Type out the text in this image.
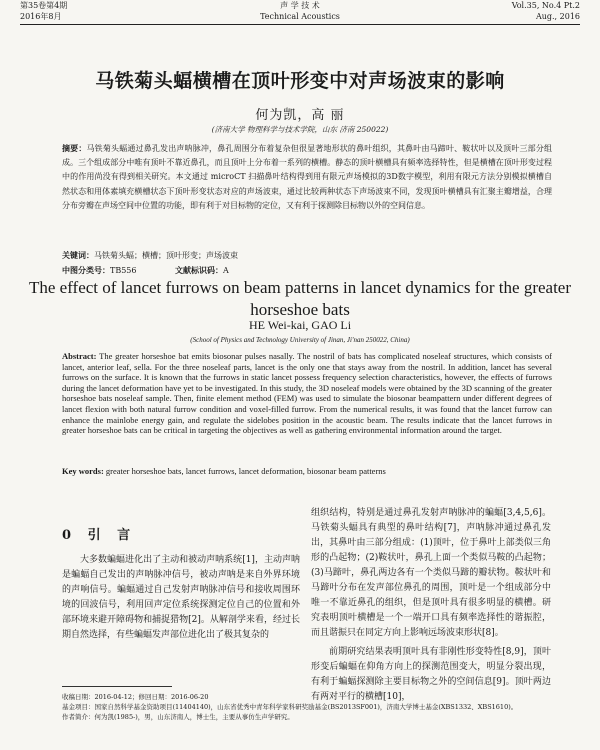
第35卷第4期
2016年8月
声 学 技 术
Technical Acoustics
Vol.35, No.4 Pt.2
Aug., 2016
马铁菊头蝠横槽在顶叶形变中对声场波束的影响
何为凯，高 丽
(济南大学 物理科学与技术学院，山东 济南 250022)
摘要：马铁菊头蝠通过鼻孔发出声呐脉冲，鼻孔周围分布着复杂但很显著地形状的鼻叶组织，其鼻叶由马蹄叶、鞍状叶以及顶叶三部分组成。三个组成部分中唯有顶叶不靠近鼻孔，而且顶叶上分布着一系列的横槽。静态的顶叶横槽具有频率选择特性，但是横槽在顶叶形变过程中的作用尚没有得到相关研究。本文通过 microCT 扫描鼻叶结构得到用有限元声场模拟的3D数字模型，利用有限元方法分别模拟横槽自然状态和用体素填充横槽状态下顶叶形变状态对应的声场波束，通过比较两种状态下声场波束不同，发现顶叶横槽具有汇聚主瓣增益，合理分布旁瓣在声场空间中位置的功能，即有利于对目标物的定位，又有利于探测除目标物以外的空间信息。
关键词：马铁菊头蝠；横槽；顶叶形变；声场波束
中图分类号：TB556	文献标识码：A
The effect of lancet furrows on beam patterns in lancet dynamics for the greater horseshoe bats
HE Wei-kai, GAO Li
(School of Physics and Technology University of Jinan, Ji'nan 250022, China)
Abstract: The greater horseshoe bat emits biosonar pulses nasally. The nostril of bats has complicated noseleaf structures, which consists of lancet, anterior leaf, sella. For the three noseleaf parts, lancet is the only one that stays away from the nostril. In addition, lancet has several furrows on the surface. It is known that the furrows in static lancet possess frequency selection characteristics, however, the effects of furrows during the lancet deformation have yet to be investigated. In this study, the 3D noseleaf models were obtained by the 3D scanning of the greater horseshoe bats noseleaf sample. Then, finite element method (FEM) was used to simulate the biosonar beampattern under different degrees of lancet flexion with both natural furrow condition and voxel-filled furrow. From the numerical results, it was found that the lancet furrow can enhance the mainlobe energy gain, and regulate the sidelobes position in the acoustic beam. The results indicate that the lancet furrows in greater horseshoe bats can be critical in targeting the objectives as well as gathering environmental information around the target.
Key words: greater horseshoe bats, lancet furrows, lancet deformation, biosonar beam patterns
0 引 言

大多数蝙蝠进化出了主动和被动声呐系统[1]，主动声呐是蝙蝠自己发出的声呐脉冲信号，被动声呐是来自外界环境的声响信号。蝙蝠通过自己发射声呐脉冲信号和接收周围环境的回波信号，利用回声定位系统探测定位自己的位置和外部环境来避开障碍物和捕捉猎物[2]。从解剖学来看，经过长期自然选择，有些蝙蝠发声部位进化出了极其复杂的

组织结构，特别是通过鼻孔发射声呐脉冲的蝙蝠[3,4,5,6]。马铁菊头蝠具有典型的鼻叶结构[7]，声呐脉冲通过鼻孔发出，其鼻叶由三部分组成：(1)顶叶，位于鼻叶上部类似三角形的凸起物；(2)鞍状叶，鼻孔上面一个类似马鞍的凸起物；(3)马蹄叶，鼻孔两边各有一个类似马蹄的瓣状物。鞍状叶和马蹄叶分布在发声部位鼻孔的周围，顶叶是一个组成部分中唯一不靠近鼻孔的组织，但是顶叶具有很多明显的横槽。研究表明顶叶横槽是一个一端开口具有频率选择性的谐振腔，而且谐振只在同定方向上影响远场波束形状[8]。

前期研究结果表明顶叶具有非刚性形变特性[8,9]，顶叶形变后蝙蝠在仰角方向上的探测范围变大，明显分裂出现，有利于蝙蝠探测除主要目标物之外的空间信息[9]。顶叶两边有两对平行的横槽[10]，

收稿日期：2016-04-12；修回日期：2016-06-20
基金项目：国家自然科学基金资助项目(11404140)，山东省优秀中青年科学家科研奖励基金(BS2013SF001)，济南大学博士基金(XBS1332、XBS1610)。
作者简介：何为凯(1985-)，男，山东济南人，博士生，主要从事仿生声学研究。
